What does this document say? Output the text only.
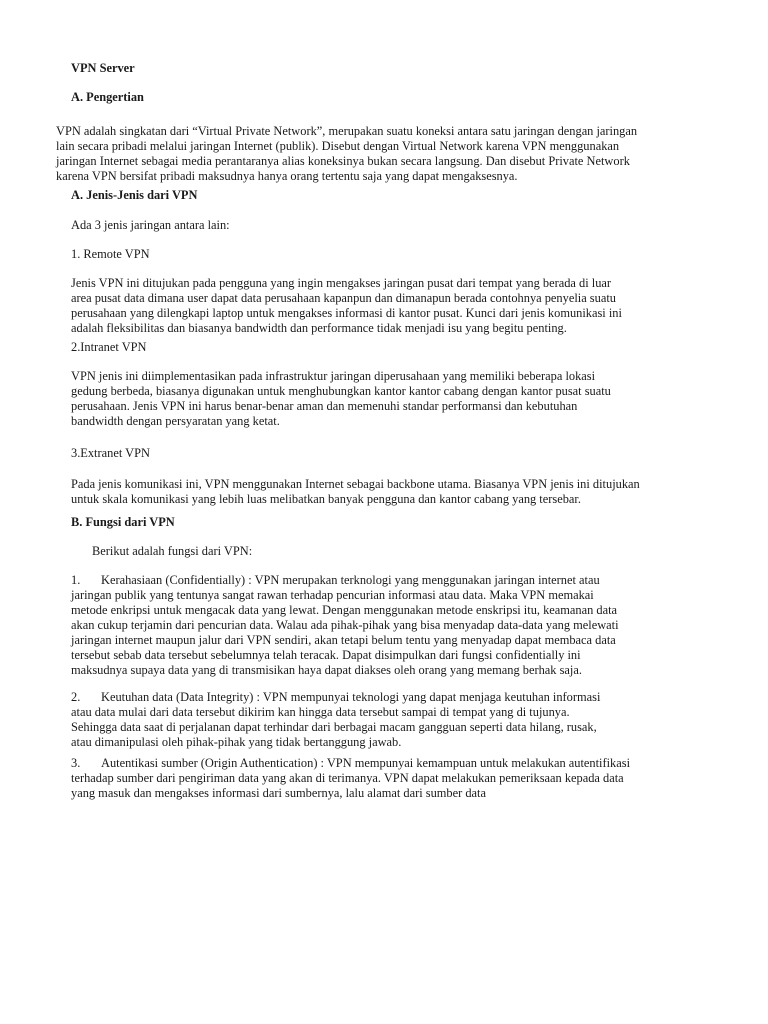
VPN Server

A. Pengertian

VPN adalah singkatan dari “Virtual Private Network”, merupakan suatu koneksi antara satu jaringan dengan jaringan
lain secara pribadi melalui jaringan Internet (publik). Disebut dengan Virtual Network karena VPN menggunakan
jaringan Internet sebagai media perantaranya alias koneksinya bukan secara langsung. Dan disebut Private Network
karena VPN bersifat pribadi maksudnya hanya orang tertentu saja yang dapat mengaksesnya.

A. Jenis-Jenis dari VPN

Ada 3 jenis jaringan antara lain:

1. Remote VPN

Jenis VPN ini ditujukan pada pengguna yang ingin mengakses jaringan pusat dari tempat yang berada di luar
area pusat data dimana user dapat data perusahaan kapanpun dan dimanapun berada contohnya penyelia suatu
perusahaan yang dilengkapi laptop untuk mengakses informasi di kantor pusat. Kunci dari jenis komunikasi ini
adalah fleksibilitas dan biasanya bandwidth dan performance tidak menjadi isu yang begitu penting.

2.Intranet VPN

VPN jenis ini diimplementasikan pada infrastruktur jaringan diperusahaan yang memiliki beberapa lokasi
gedung berbeda, biasanya digunakan untuk menghubungkan kantor kantor cabang dengan kantor pusat suatu
perusahaan. Jenis VPN ini harus benar-benar aman dan memenuhi standar performansi dan kebutuhan
bandwidth dengan persyaratan yang ketat.

3.Extranet VPN

Pada jenis komunikasi ini, VPN menggunakan Internet sebagai backbone utama. Biasanya VPN jenis ini ditujukan
untuk skala komunikasi yang lebih luas melibatkan banyak pengguna dan kantor cabang yang tersebar.

B. Fungsi dari VPN

Berikut adalah fungsi dari VPN:

1. Kerahasiaan (Confidentially) : VPN merupakan terknologi yang menggunakan jaringan internet atau
jaringan publik yang tentunya sangat rawan terhadap pencurian informasi atau data. Maka VPN memakai
metode enkripsi untuk mengacak data yang lewat. Dengan menggunakan metode enskripsi itu, keamanan data
akan cukup terjamin dari pencurian data. Walau ada pihak-pihak yang bisa menyadap data-data yang melewati
jaringan internet maupun jalur dari VPN sendiri, akan tetapi belum tentu yang menyadap dapat membaca data
tersebut sebab data tersebut sebelumnya telah teracak. Dapat disimpulkan dari fungsi confidentially ini
maksudnya supaya data yang di transmisikan haya dapat diakses oleh orang yang memang berhak saja.
2. Keutuhan data (Data Integrity) : VPN mempunyai teknologi yang dapat menjaga keutuhan informasi
atau data mulai dari data tersebut dikirim kan hingga data tersebut sampai di tempat yang di tujunya.
Sehingga data saat di perjalanan dapat terhindar dari berbagai macam gangguan seperti data hilang, rusak,
atau dimanipulasi oleh pihak-pihak yang tidak bertanggung jawab.
3. Autentikasi sumber (Origin Authentication) : VPN mempunyai kemampuan untuk melakukan autentifikasi
terhadap sumber dari pengiriman data yang akan di terimanya. VPN dapat melakukan pemeriksaan kepada data
yang masuk dan mengakses informasi dari sumbernya, lalu alamat dari sumber data
